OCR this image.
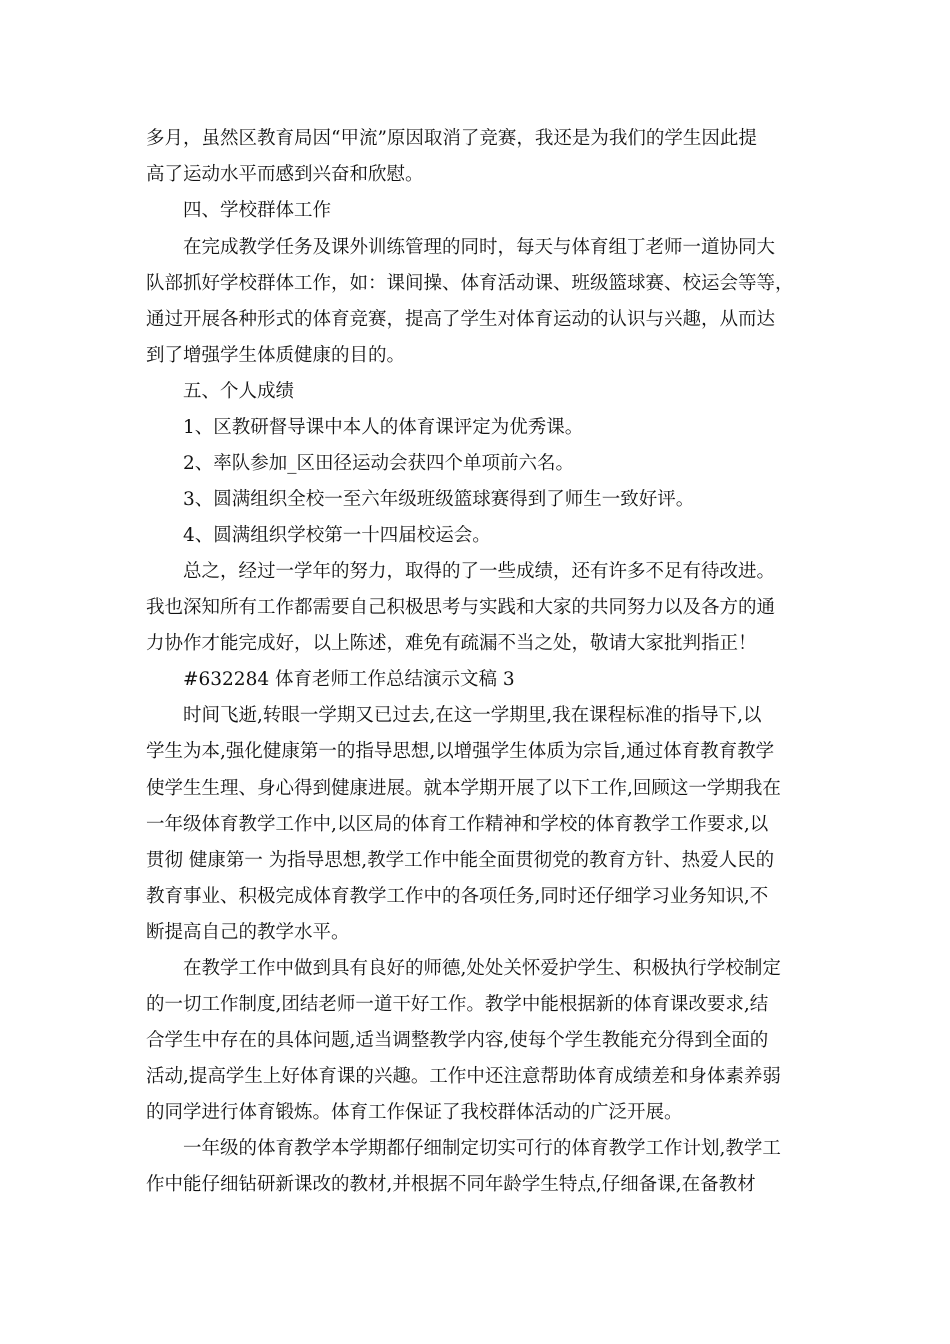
多月，虽然区教育局因“甲流”原因取消了竞赛，我还是为我们的学生因此提
高了运动水平而感到兴奋和欣慰。
四、学校群体工作
在完成教学任务及课外训练管理的同时，每天与体育组丁老师一道协同大
队部抓好学校群体工作，如：课间操、体育活动课、班级篮球赛、校运会等等，
通过开展各种形式的体育竞赛，提高了学生对体育运动的认识与兴趣，从而达
到了增强学生体质健康的目的。
五、个人成绩
1、区教研督导课中本人的体育课评定为优秀课。
2、率队参加_区田径运动会获四个单项前六名。
3、圆满组织全校一至六年级班级篮球赛得到了师生一致好评。
4、圆满组织学校第一十四届校运会。
总之，经过一学年的努力，取得的了一些成绩，还有许多不足有待改进。
我也深知所有工作都需要自己积极思考与实践和大家的共同努力以及各方的通
力协作才能完成好，以上陈述，难免有疏漏不当之处，敬请大家批判指正！
#632284 体育老师工作总结演示文稿 3
时间飞逝,转眼一学期又已过去,在这一学期里,我在课程标准的指导下,以
学生为本,强化健康第一的指导思想,以增强学生体质为宗旨,通过体育教育教学
使学生生理、身心得到健康进展。就本学期开展了以下工作,回顾这一学期我在
一年级体育教学工作中,以区局的体育工作精神和学校的体育教学工作要求,以
贯彻 健康第一 为指导思想,教学工作中能全面贯彻党的教育方针、热爱人民的
教育事业、积极完成体育教学工作中的各项任务,同时还仔细学习业务知识,不
断提高自己的教学水平。
在教学工作中做到具有良好的师德,处处关怀爱护学生、积极执行学校制定
的一切工作制度,团结老师一道干好工作。教学中能根据新的体育课改要求,结
合学生中存在的具体问题,适当调整教学内容,使每个学生教能充分得到全面的
活动,提高学生上好体育课的兴趣。工作中还注意帮助体育成绩差和身体素养弱
的同学进行体育锻炼。体育工作保证了我校群体活动的广泛开展。
一年级的体育教学本学期都仔细制定切实可行的体育教学工作计划,教学工
作中能仔细钻研新课改的教材,并根据不同年龄学生特点,仔细备课,在备教材
